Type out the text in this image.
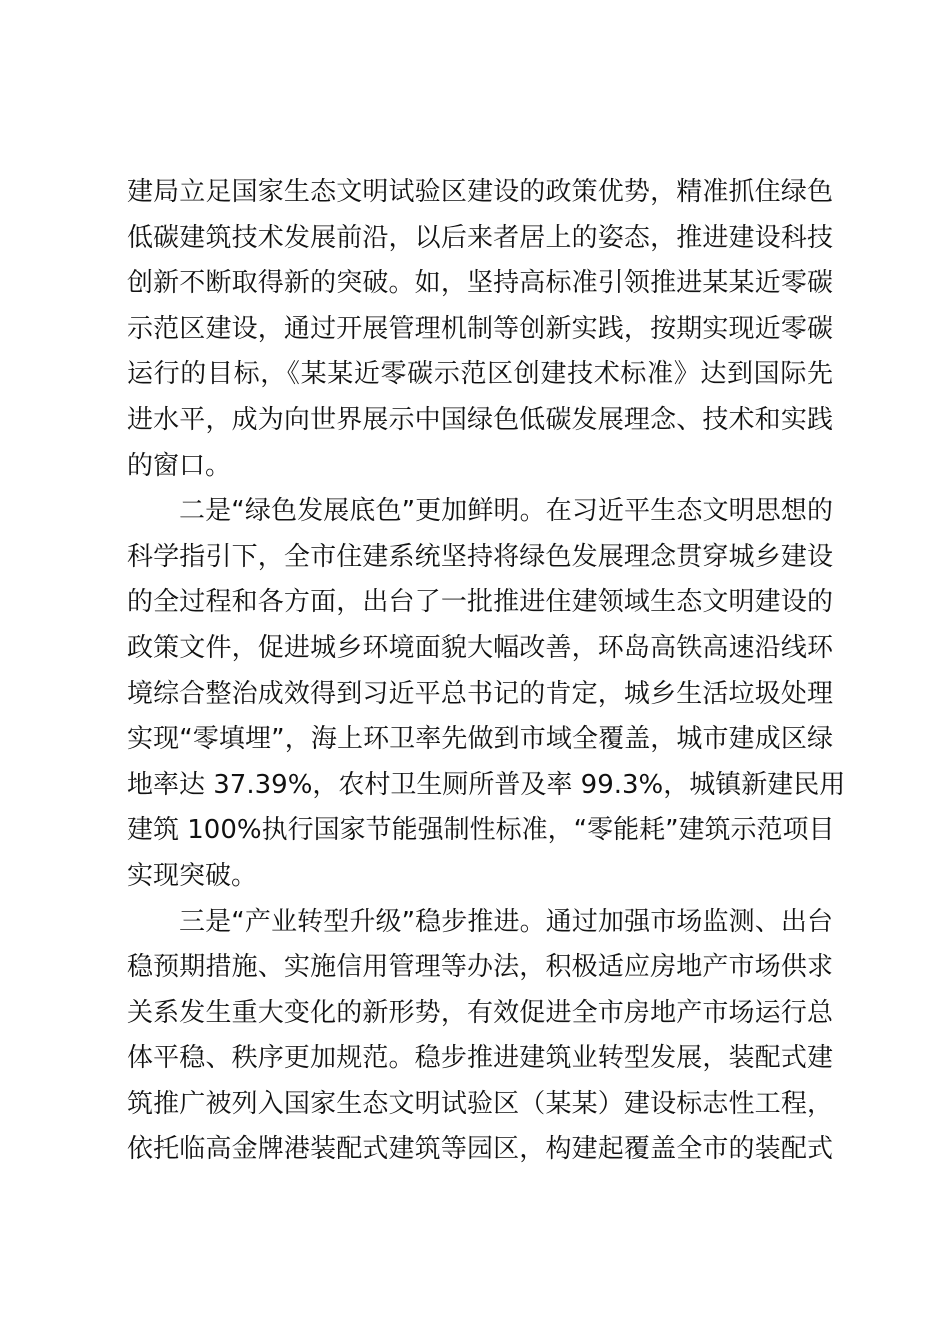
建局立足国家生态文明试验区建设的政策优势，精准抓住绿色
低碳建筑技术发展前沿，以后来者居上的姿态，推进建设科技
创新不断取得新的突破。如，坚持高标准引领推进某某近零碳
示范区建设，通过开展管理机制等创新实践，按期实现近零碳
运行的目标，《某某近零碳示范区创建技术标准》达到国际先
进水平，成为向世界展示中国绿色低碳发展理念、技术和实践
的窗口。
二是“绿色发展底色”更加鲜明。在习近平生态文明思想的
科学指引下，全市住建系统坚持将绿色发展理念贯穿城乡建设
的全过程和各方面，出台了一批推进住建领域生态文明建设的
政策文件，促进城乡环境面貌大幅改善，环岛高铁高速沿线环
境综合整治成效得到习近平总书记的肯定，城乡生活垃圾处理
实现“零填埋”，海上环卫率先做到市域全覆盖，城市建成区绿
地率达 37.39%，农村卫生厕所普及率 99.3%，城镇新建民用
建筑 100%执行国家节能强制性标准，“零能耗”建筑示范项目
实现突破。
三是“产业转型升级”稳步推进。通过加强市场监测、出台
稳预期措施、实施信用管理等办法，积极适应房地产市场供求
关系发生重大变化的新形势，有效促进全市房地产市场运行总
体平稳、秩序更加规范。稳步推进建筑业转型发展，装配式建
筑推广被列入国家生态文明试验区（某某）建设标志性工程，
依托临高金牌港装配式建筑等园区，构建起覆盖全市的装配式
